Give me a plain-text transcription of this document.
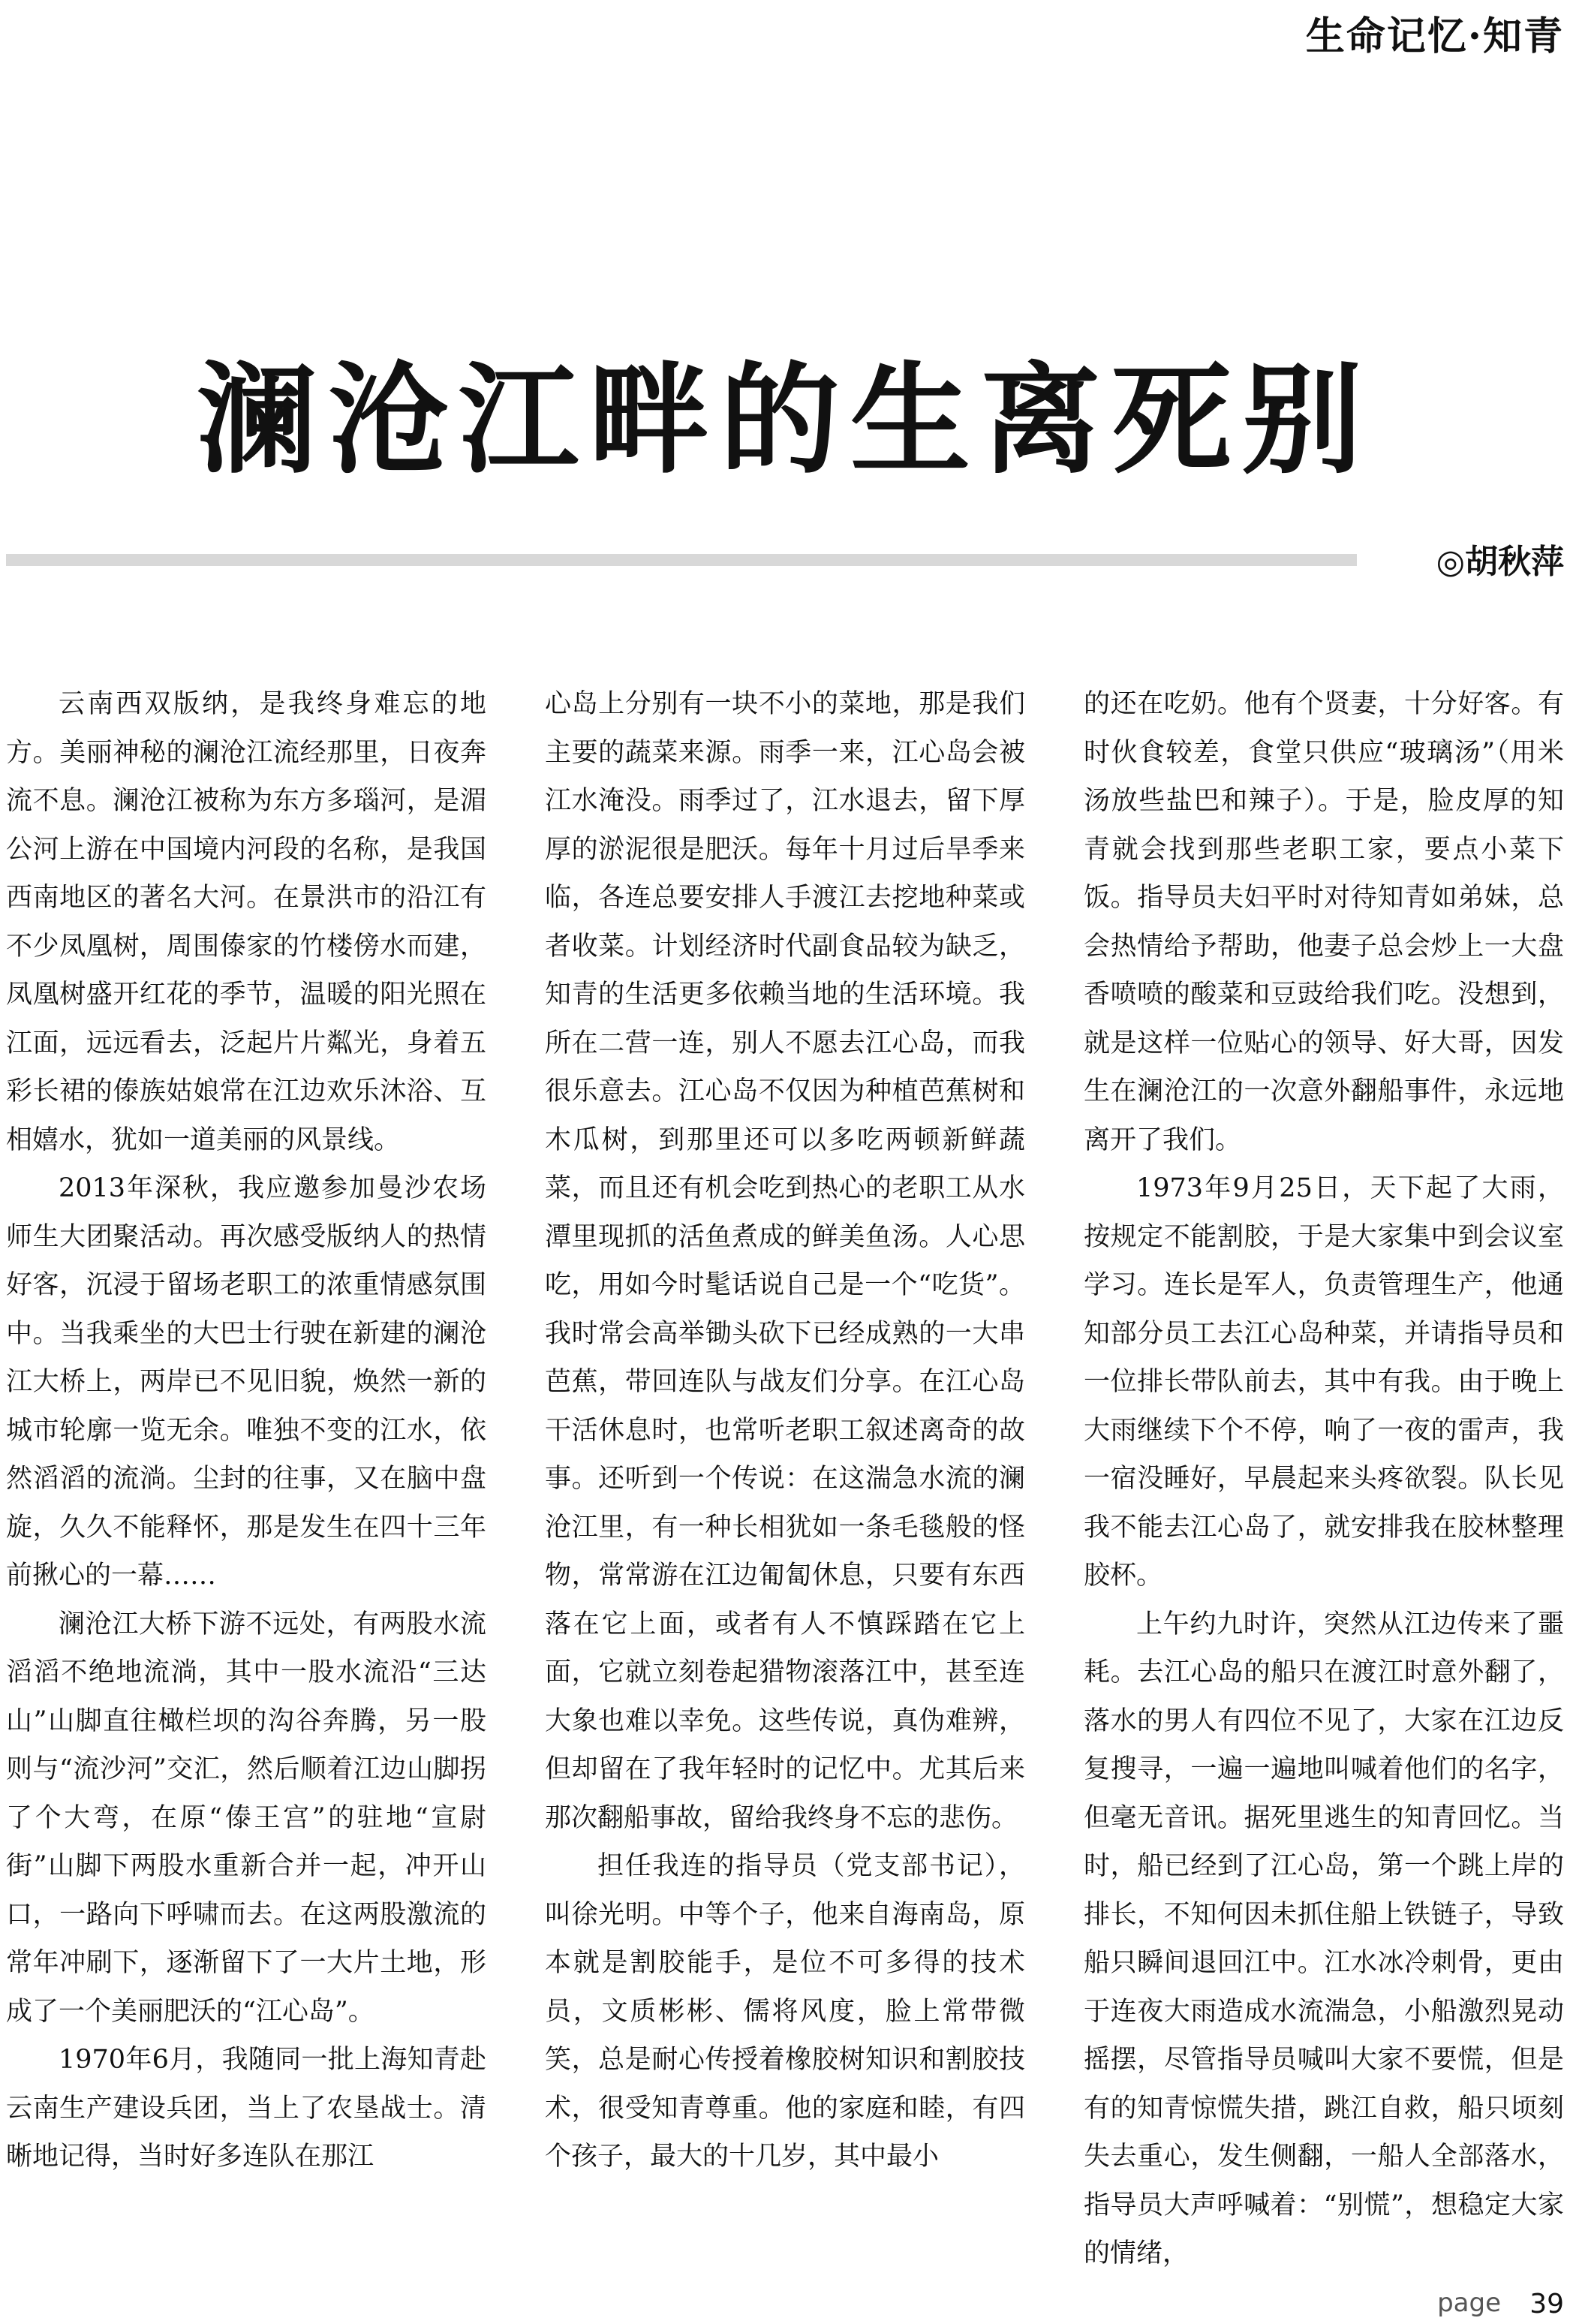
生命记忆·知青
澜沧江畔的生离死别
◎胡秋萍

云南西双版纳，是我终身难忘的地方。美丽神秘的澜沧江流经那里，日夜奔流不息。澜沧江被称为东方多瑙河，是湄公河上游在中国境内河段的名称，是我国西南地区的著名大河。在景洪市的沿江有不少凤凰树，周围傣家的竹楼傍水而建，凤凰树盛开红花的季节，温暖的阳光照在江面，远远看去，泛起片片粼光，身着五彩长裙的傣族姑娘常在江边欢乐沐浴、互相嬉水，犹如一道美丽的风景线。

2013年深秋，我应邀参加曼沙农场师生大团聚活动。再次感受版纳人的热情好客，沉浸于留场老职工的浓重情感氛围中。当我乘坐的大巴士行驶在新建的澜沧江大桥上，两岸已不见旧貌，焕然一新的城市轮廓一览无余。唯独不变的江水，依然滔滔的流淌。尘封的往事，又在脑中盘旋，久久不能释怀，那是发生在四十三年前揪心的一幕……

澜沧江大桥下游不远处，有两股水流滔滔不绝地流淌，其中一股水流沿“三达山”山脚直往橄栏坝的沟谷奔腾，另一股则与“流沙河”交汇，然后顺着江边山脚拐了个大弯，在原“傣王宫”的驻地“宣尉街”山脚下两股水重新合并一起，冲开山口，一路向下呼啸而去。在这两股激流的常年冲刷下，逐渐留下了一大片土地，形成了一个美丽肥沃的“江心岛”。

1970年6月，我随同一批上海知青赴云南生产建设兵团，当上了农垦战士。清晰地记得，当时好多连队在那江

心岛上分别有一块不小的菜地，那是我们主要的蔬菜来源。雨季一来，江心岛会被江水淹没。雨季过了，江水退去，留下厚厚的淤泥很是肥沃。每年十月过后旱季来临，各连总要安排人手渡江去挖地种菜或者收菜。计划经济时代副食品较为缺乏，知青的生活更多依赖当地的生活环境。我所在二营一连，别人不愿去江心岛，而我很乐意去。江心岛不仅因为种植芭蕉树和木瓜树，到那里还可以多吃两顿新鲜蔬菜，而且还有机会吃到热心的老职工从水潭里现抓的活鱼煮成的鲜美鱼汤。人心思吃，用如今时髦话说自己是一个“吃货”。我时常会高举锄头砍下已经成熟的一大串芭蕉，带回连队与战友们分享。在江心岛干活休息时，也常听老职工叙述离奇的故事。还听到一个传说：在这湍急水流的澜沧江里，有一种长相犹如一条毛毯般的怪物，常常游在江边匍匐休息，只要有东西落在它上面，或者有人不慎踩踏在它上面，它就立刻卷起猎物滚落江中，甚至连大象也难以幸免。这些传说，真伪难辨，但却留在了我年轻时的记忆中。尤其后来那次翻船事故，留给我终身不忘的悲伤。

担任我连的指导员（党支部书记），叫徐光明。中等个子，他来自海南岛，原本就是割胶能手，是位不可多得的技术员，文质彬彬、儒将风度，脸上常带微笑，总是耐心传授着橡胶树知识和割胶技术，很受知青尊重。他的家庭和睦，有四个孩子，最大的十几岁，其中最小

的还在吃奶。他有个贤妻，十分好客。有时伙食较差，食堂只供应“玻璃汤”（用米汤放些盐巴和辣子）。于是，脸皮厚的知青就会找到那些老职工家，要点小菜下饭。指导员夫妇平时对待知青如弟妹，总会热情给予帮助，他妻子总会炒上一大盘香喷喷的酸菜和豆豉给我们吃。没想到，就是这样一位贴心的领导、好大哥，因发生在澜沧江的一次意外翻船事件，永远地离开了我们。

1973年9月25日，天下起了大雨，按规定不能割胶，于是大家集中到会议室学习。连长是军人，负责管理生产，他通知部分员工去江心岛种菜，并请指导员和一位排长带队前去，其中有我。由于晚上大雨继续下个不停，响了一夜的雷声，我一宿没睡好，早晨起来头疼欲裂。队长见我不能去江心岛了，就安排我在胶林整理胶杯。

上午约九时许，突然从江边传来了噩耗。去江心岛的船只在渡江时意外翻了，落水的男人有四位不见了，大家在江边反复搜寻，一遍一遍地叫喊着他们的名字，但毫无音讯。据死里逃生的知青回忆。当时，船已经到了江心岛，第一个跳上岸的排长，不知何因未抓住船上铁链子，导致船只瞬间退回江中。江水冰冷刺骨，更由于连夜大雨造成水流湍急，小船激烈晃动摇摆，尽管指导员喊叫大家不要慌，但是有的知青惊慌失措，跳江自救，船只顷刻失去重心，发生侧翻，一船人全部落水，指导员大声呼喊着：“别慌”，想稳定大家的情绪，

page 39
